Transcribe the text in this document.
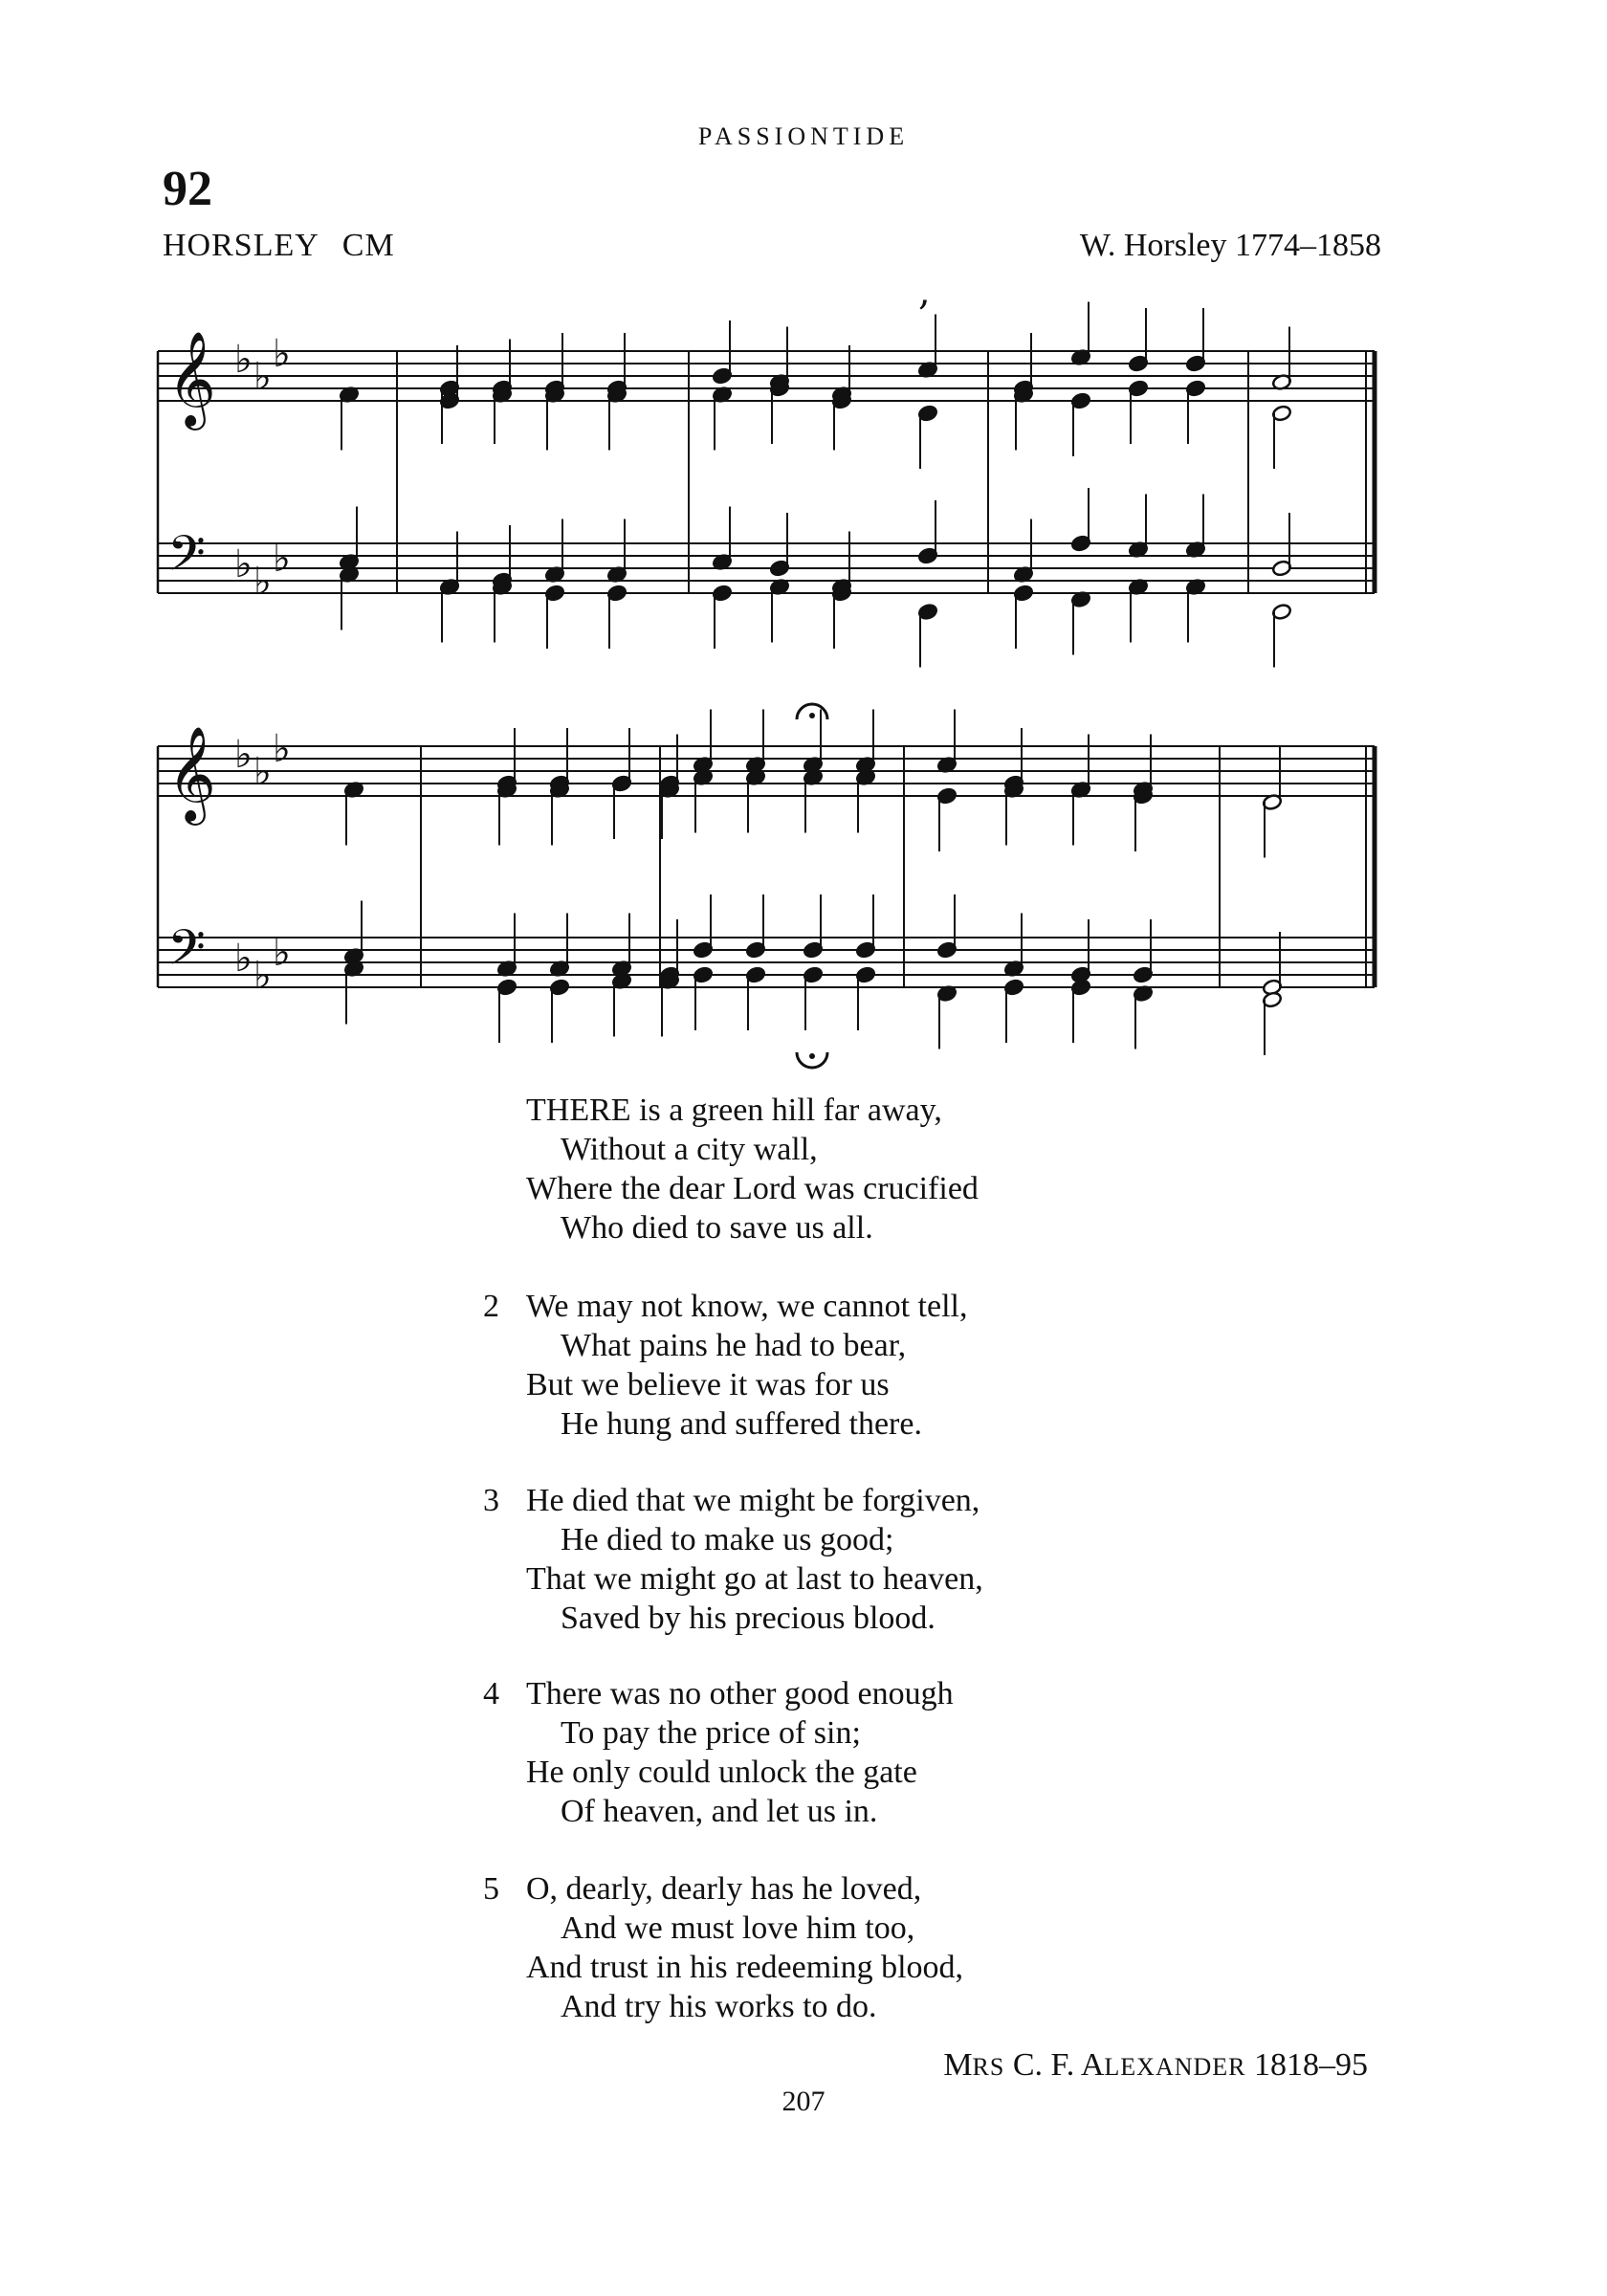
PASSIONTIDE
92
HORSLEY CM	W. Horsley 1774–1858
𝄞 ♭ ♭
♭
𝄢 ♭ ♭
♭
𝄞 ♭ ♭
♭
𝄢 ♭ ♭
♭
,
THERE is a green hill far away,
Without a city wall,
Where the dear Lord was crucified
Who died to save us all.
2 We may not know, we cannot tell,
What pains he had to bear,
But we believe it was for us
He hung and suffered there.
3 He died that we might be forgiven,
He died to make us good;
That we might go at last to heaven,
Saved by his precious blood.
4 There was no other good enough
To pay the price of sin;
He only could unlock the gate
Of heaven, and let us in.
5 O, dearly, dearly has he loved,
And we must love him too,
And trust in his redeeming blood,
And try his works to do.
MRS C. F. ALEXANDER 1818–95
207
